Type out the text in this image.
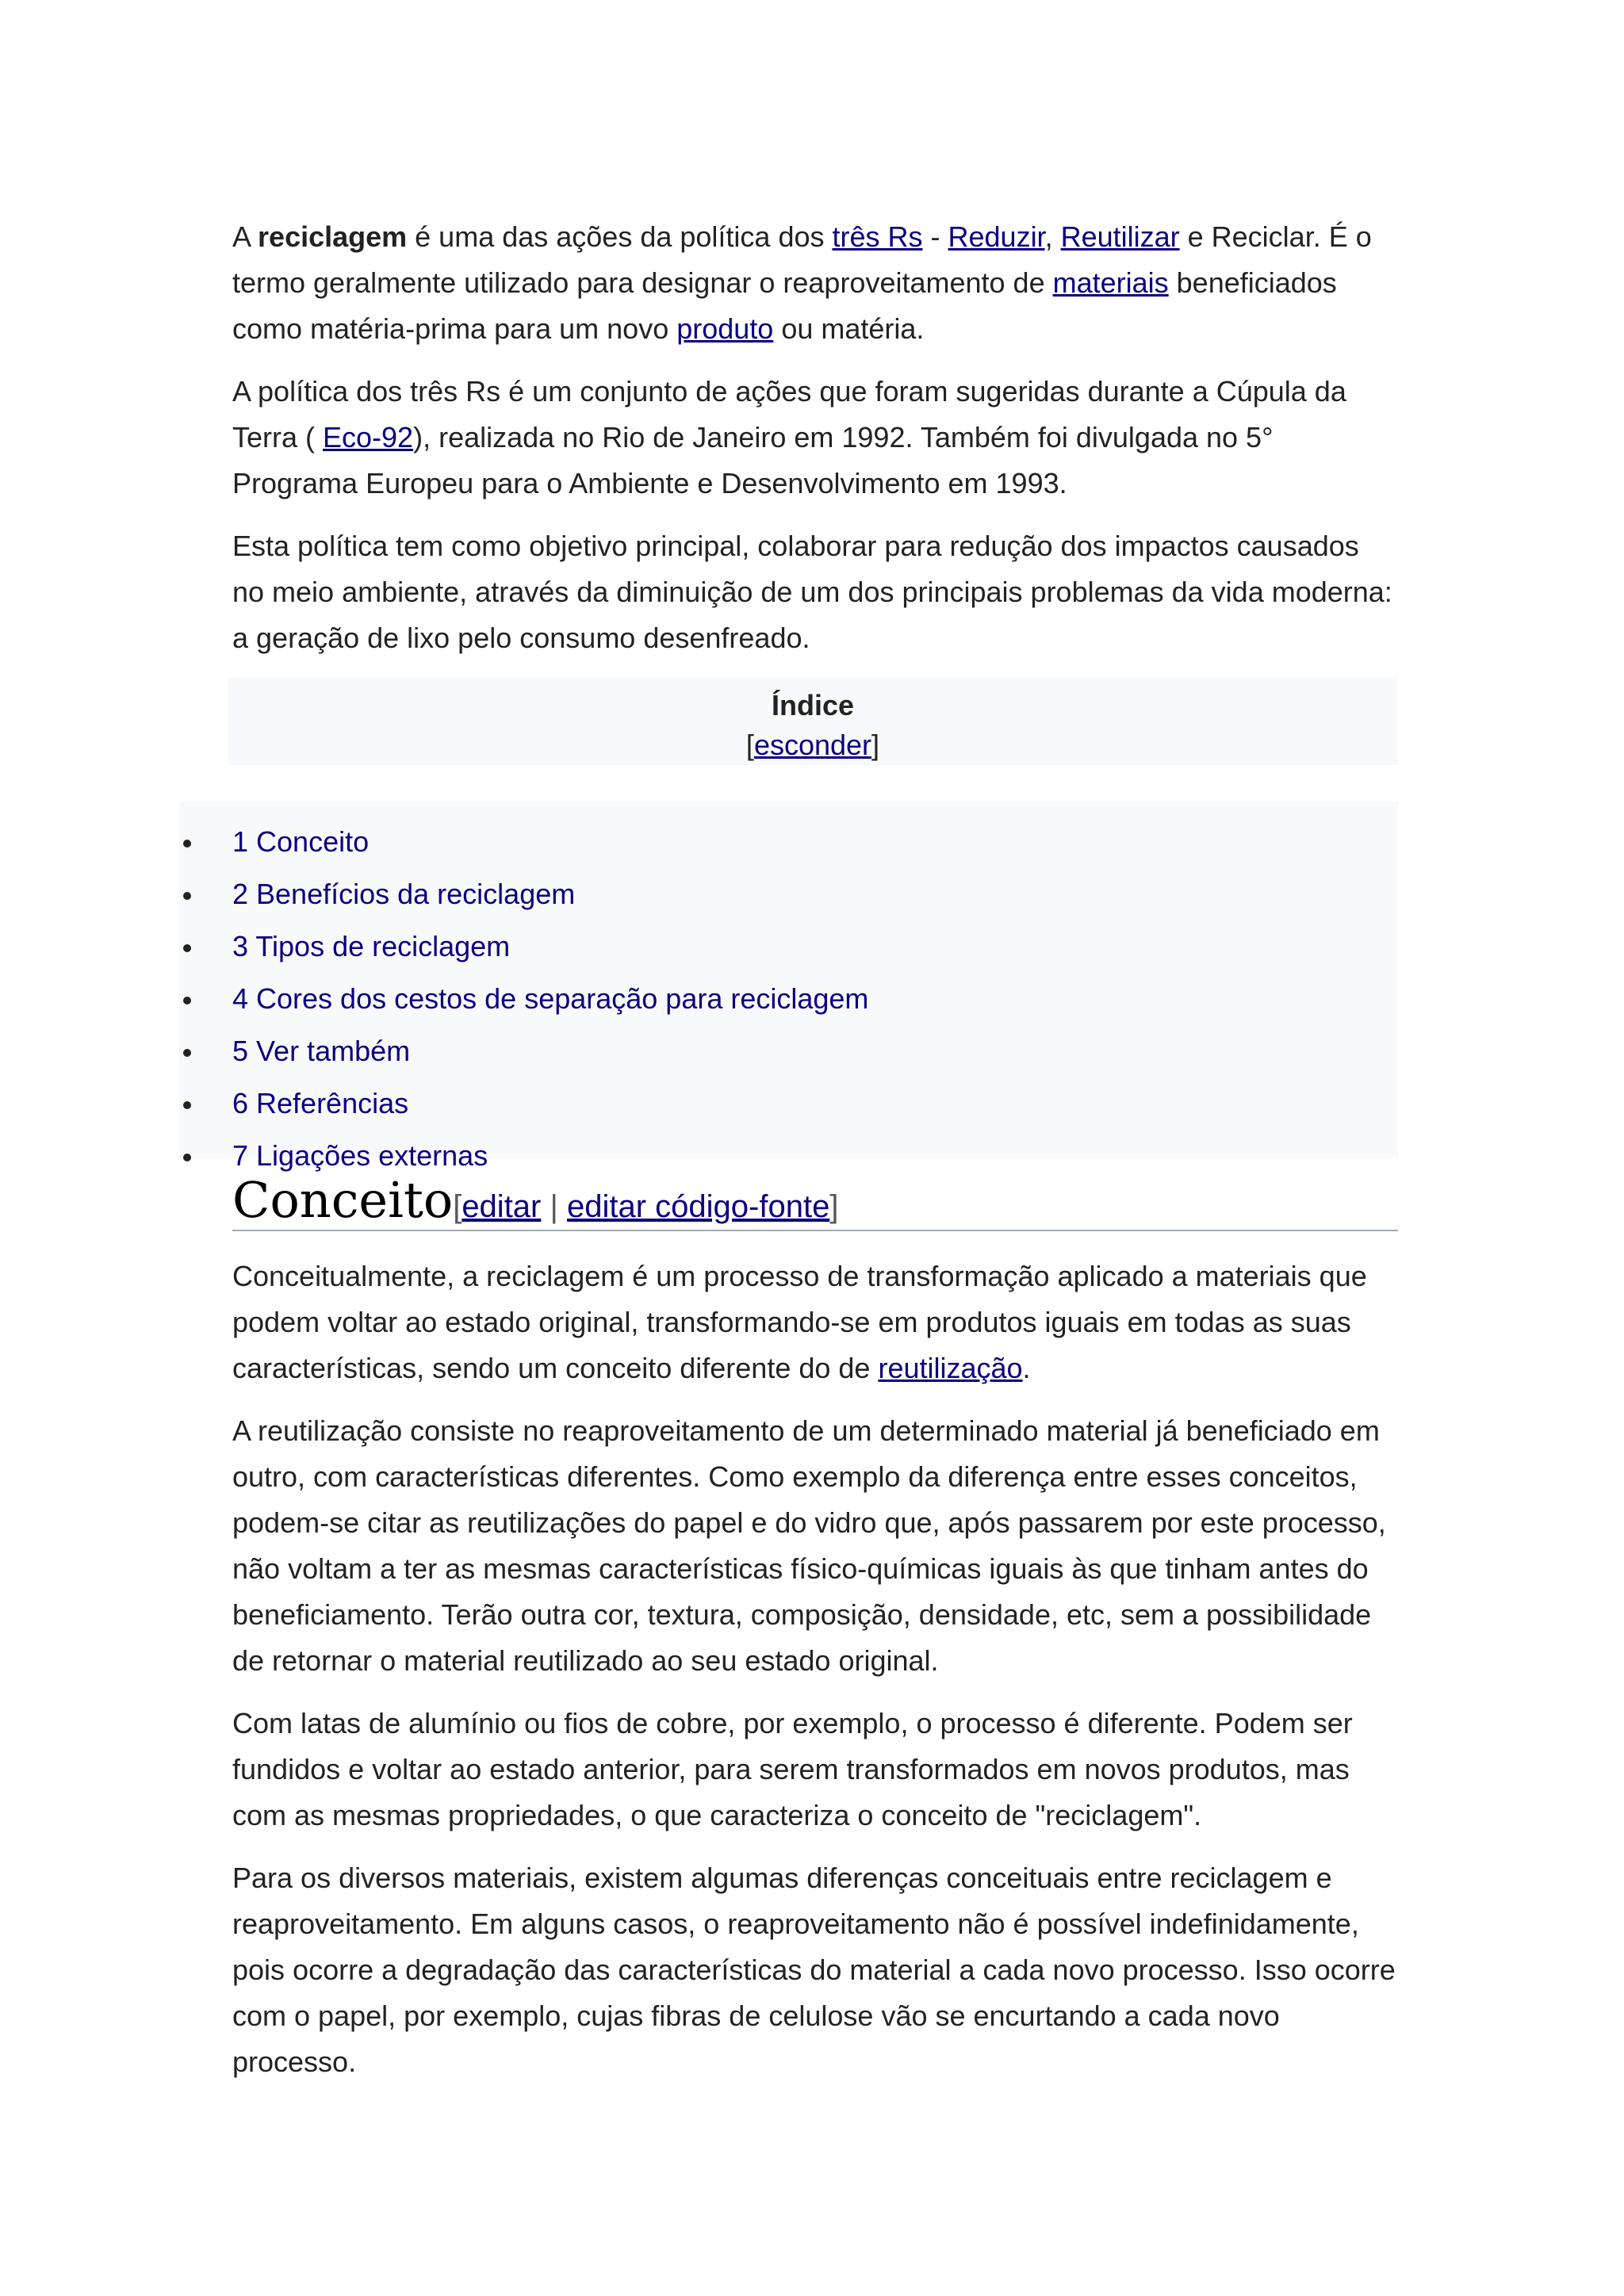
A reciclagem é uma das ações da política dos três Rs - Reduzir, Reutilizar e Reciclar. É o termo geralmente utilizado para designar o reaproveitamento de materiais beneficiados como matéria-prima para um novo produto ou matéria.

A política dos três Rs é um conjunto de ações que foram sugeridas durante a Cúpula da Terra ( Eco-92), realizada no Rio de Janeiro em 1992. Também foi divulgada no 5° Programa Europeu para o Ambiente e Desenvolvimento em 1993.

Esta política tem como objetivo principal, colaborar para redução dos impactos causados no meio ambiente, através da diminuição de um dos principais problemas da vida moderna: a geração de lixo pelo consumo desenfreado.

Índice
[esconder]
1 Conceito
2 Benefícios da reciclagem
3 Tipos de reciclagem
4 Cores dos cestos de separação para reciclagem
5 Ver também
6 Referências
7 Ligações externas
Conceito[editar | editar código-fonte]

Conceitualmente, a reciclagem é um processo de transformação aplicado a materiais que podem voltar ao estado original, transformando-se em produtos iguais em todas as suas características, sendo um conceito diferente do de reutilização.

A reutilização consiste no reaproveitamento de um determinado material já beneficiado em outro, com características diferentes. Como exemplo da diferença entre esses conceitos, podem-se citar as reutilizações do papel e do vidro que, após passarem por este processo, não voltam a ter as mesmas características físico-químicas iguais às que tinham antes do beneficiamento. Terão outra cor, textura, composição, densidade, etc, sem a possibilidade de retornar o material reutilizado ao seu estado original.

Com latas de alumínio ou fios de cobre, por exemplo, o processo é diferente. Podem ser fundidos e voltar ao estado anterior, para serem transformados em novos produtos, mas com as mesmas propriedades, o que caracteriza o conceito de "reciclagem".

Para os diversos materiais, existem algumas diferenças conceituais entre reciclagem e reaproveitamento. Em alguns casos, o reaproveitamento não é possível indefinidamente, pois ocorre a degradação das características do material a cada novo processo. Isso ocorre com o papel, por exemplo, cujas fibras de celulose vão se encurtando a cada novo processo.
